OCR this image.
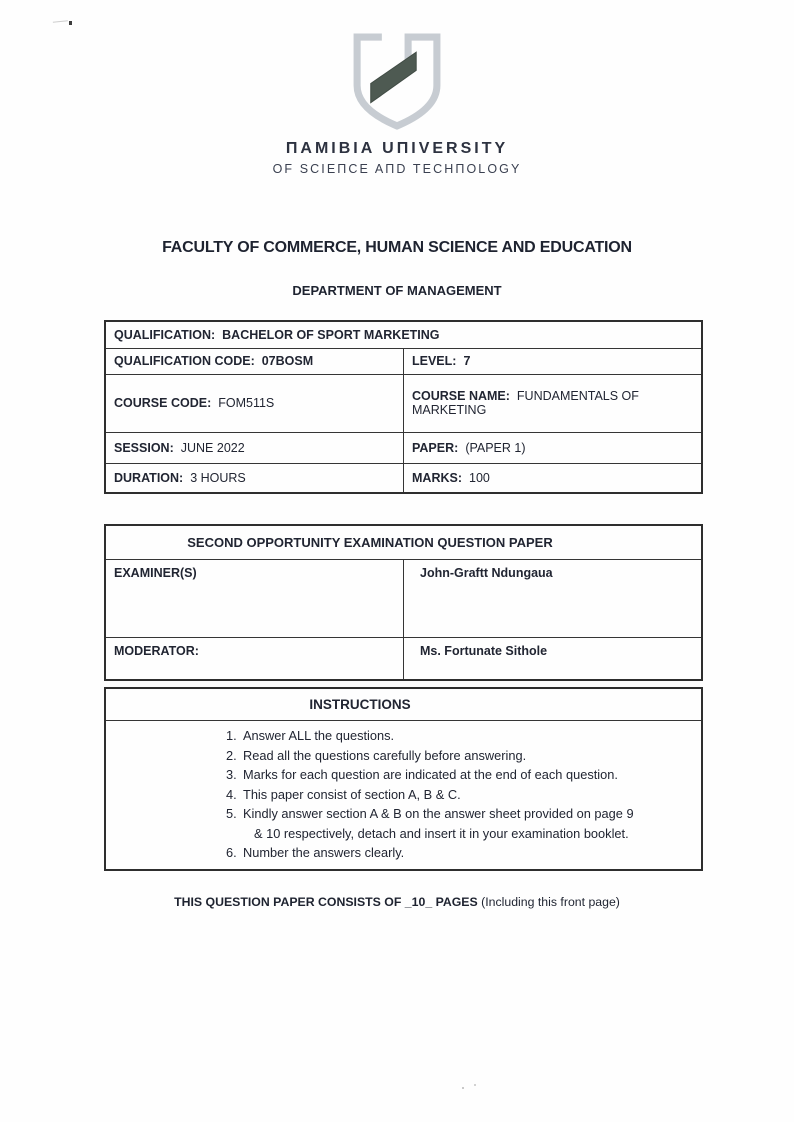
ΠAMIBIA UΠIVERSITY
OF SCIEΠCE AΠD TECHΠOLOGY
FACULTY OF COMMERCE, HUMAN SCIENCE AND EDUCATION
DEPARTMENT OF MANAGEMENT
QUALIFICATION: BACHELOR OF SPORT MARKETING	
QUALIFICATION CODE: 07BOSM	LEVEL: 7
COURSE CODE: FOM511S	COURSE NAME: FUNDAMENTALS OF MARKETING
SESSION: JUNE 2022	PAPER: (PAPER 1)
DURATION: 3 HOURS	MARKS: 100
SECOND OPPORTUNITY EXAMINATION QUESTION PAPER	
EXAMINER(S)	John-Graftt Ndungaua
MODERATOR:	Ms. Fortunate Sithole
INSTRUCTIONS

1. Answer ALL the questions.
2. Read all the questions carefully before answering.
3. Marks for each question are indicated at the end of each question.
4. This paper consist of section A, B & C.
5. Kindly answer section A & B on the answer sheet provided on page 9
& 10 respectively, detach and insert it in your examination booklet.
6. Number the answers clearly.
THIS QUESTION PAPER CONSISTS OF _10_ PAGES (Including this front page)
